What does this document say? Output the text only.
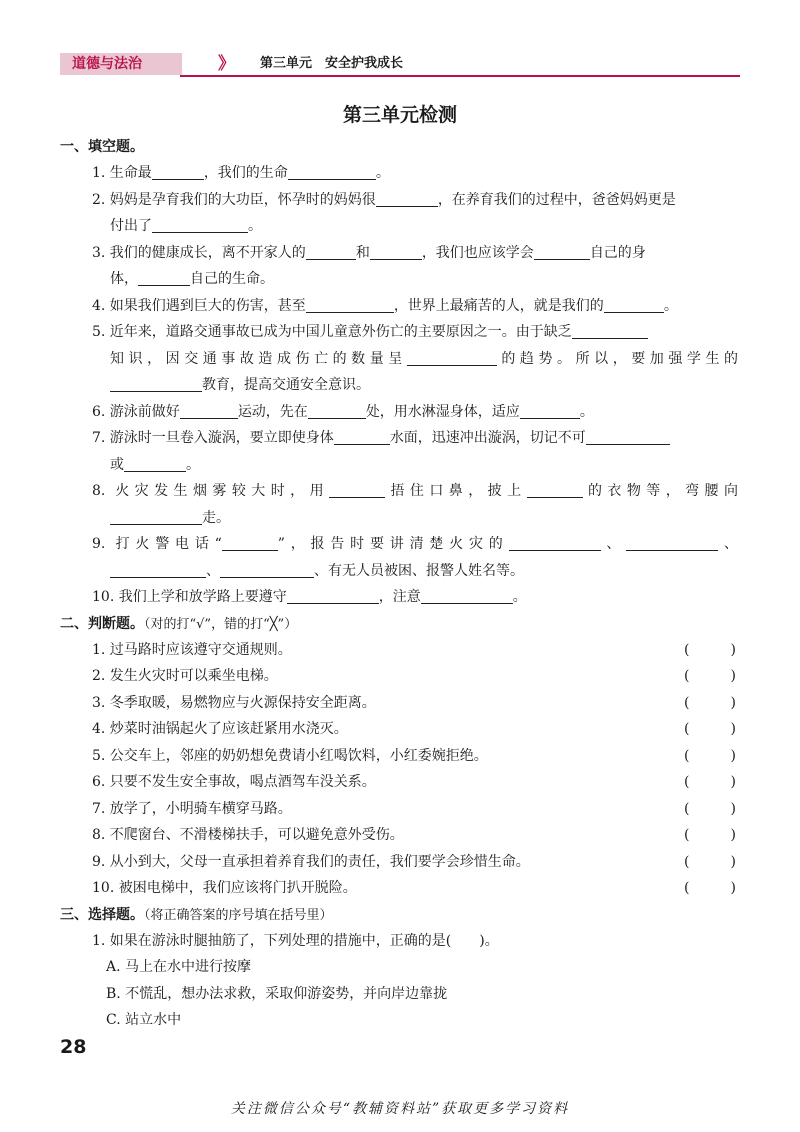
道德与法治	》 第三单元　安全护我成长
第三单元检测
一、填空题。
1. 生命最	，我们的生命	。
2. 妈妈是孕育我们的大功臣，怀孕时的妈妈很	，在养育我们的过程中，爸爸妈妈更是
付出了	。
3. 我们的健康成长，离不开家人的	和	，我们也应该学会	自己的身
体，	自己的生命。
4. 如果我们遇到巨大的伤害，甚至	，世界上最痛苦的人，就是我们的	。
5. 近年来，道路交通事故已成为中国儿童意外伤亡的主要原因之一。由于缺乏
知识，因交通事故造成伤亡的数量呈	的趋势。所以，要加强学生的
教育，提高交通安全意识。
6. 游泳前做好	运动，先在	处，用水淋湿身体，适应	。
7. 游泳时一旦卷入漩涡，要立即使身体	水面，迅速冲出漩涡，切记不可
或	。
8. 火灾发生烟雾较大时，用	捂住口鼻，披上	的衣物等，弯腰向
走。
9. 打火警电话“	”，报告时要讲清楚火灾的	、	、
、	、有无人员被困、报警人姓名等。
10. 我们上学和放学路上要遵守	，注意	。
二、判断题。（对的打“√”，错的打“╳”）
1. 过马路时应该遵守交通规则。	(	)
2. 发生火灾时可以乘坐电梯。	(	)
3. 冬季取暖，易燃物应与火源保持安全距离。	(	)
4. 炒菜时油锅起火了应该赶紧用水浇灭。	(	)
5. 公交车上，邻座的奶奶想免费请小红喝饮料，小红委婉拒绝。	(	)
6. 只要不发生安全事故，喝点酒驾车没关系。	(	)
7. 放学了，小明骑车横穿马路。	(	)
8. 不爬窗台、不滑楼梯扶手，可以避免意外受伤。	(	)
9. 从小到大，父母一直承担着养育我们的责任，我们要学会珍惜生命。	(	)
10. 被困电梯中，我们应该将门扒开脱险。	(	)
三、选择题。（将正确答案的序号填在括号里）
1. 如果在游泳时腿抽筋了，下列处理的措施中，正确的是(　　)。
A. 马上在水中进行按摩
B. 不慌乱，想办法求救，采取仰游姿势，并向岸边靠拢
C. 站立水中
28
关注微信公众号“教辅资料站”获取更多学习资料
